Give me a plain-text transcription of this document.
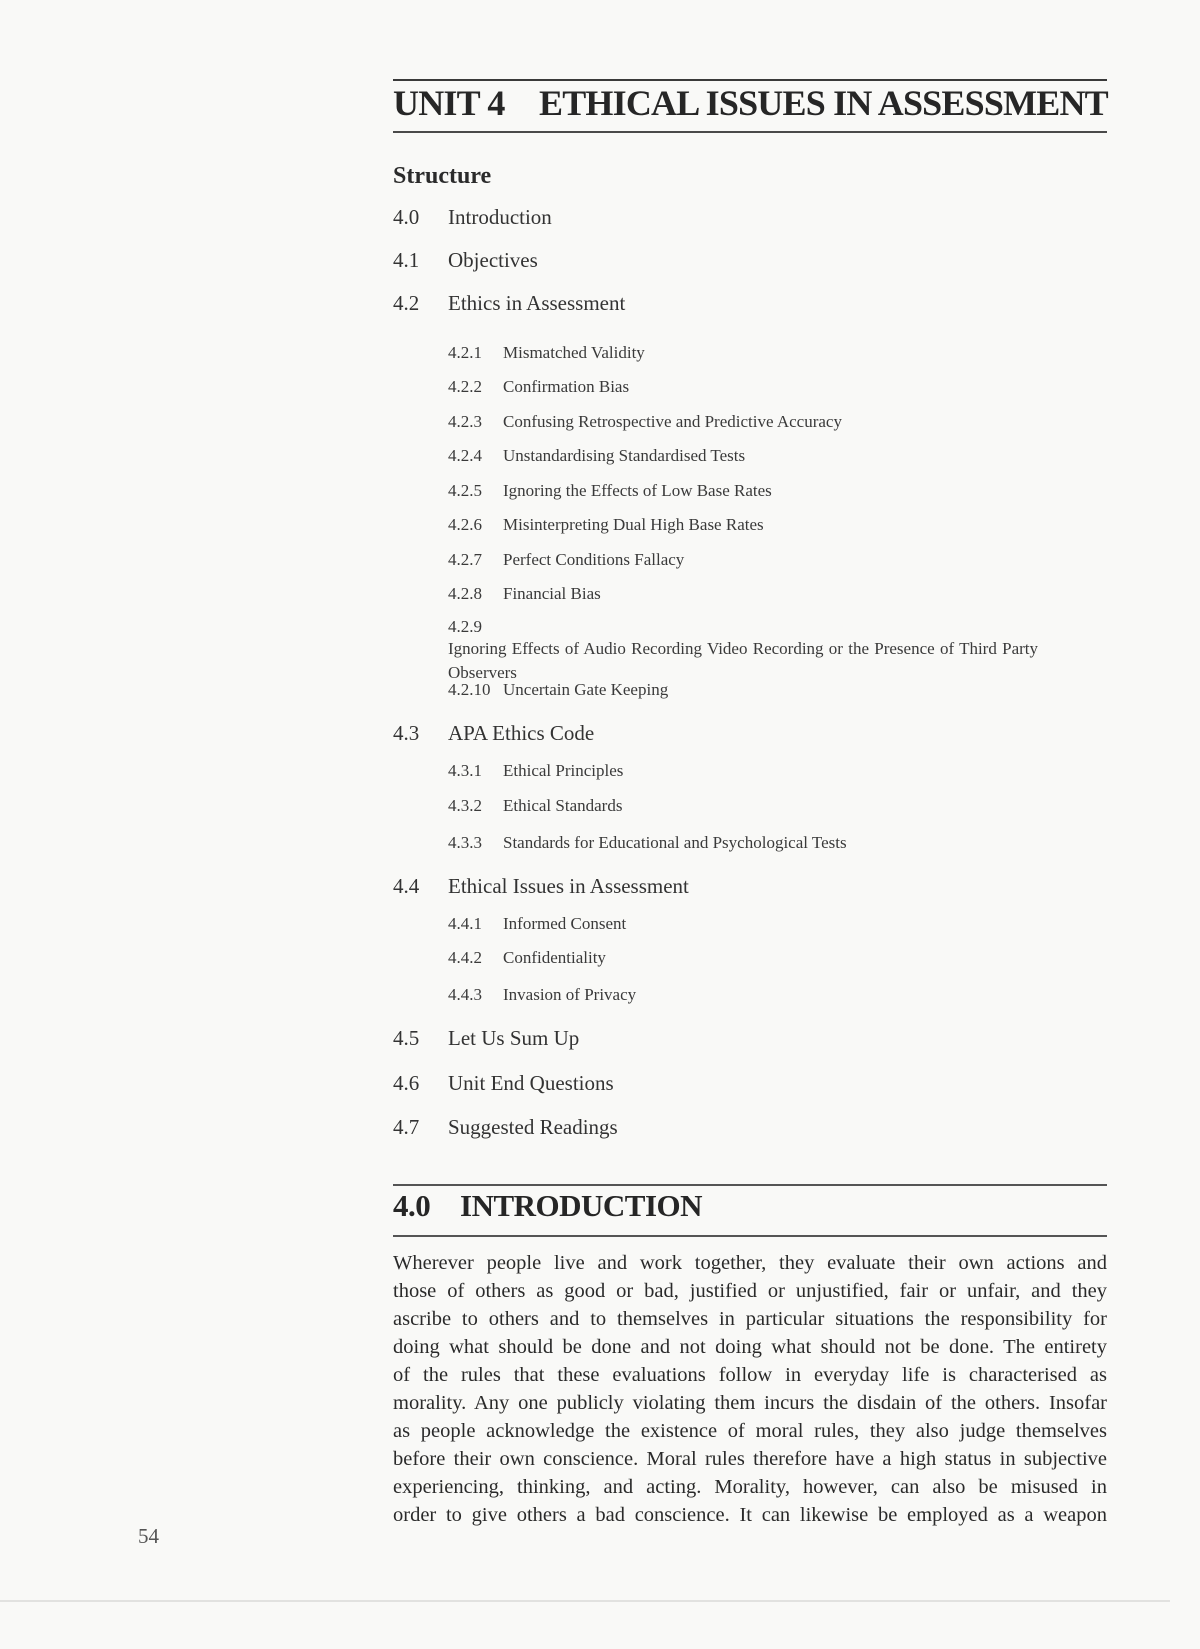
UNIT 4 ETHICAL ISSUES IN ASSESSMENT
Structure
4.0 Introduction
4.1 Objectives
4.2 Ethics in Assessment
4.2.1 Mismatched Validity
4.2.2 Confirmation Bias
4.2.3 Confusing Retrospective and Predictive Accuracy
4.2.4 Unstandardising Standardised Tests
4.2.5 Ignoring the Effects of Low Base Rates
4.2.6 Misinterpreting Dual High Base Rates
4.2.7 Perfect Conditions Fallacy
4.2.8 Financial Bias
4.2.9Ignoring Effects of Audio Recording Video Recording or the Presence of Third Party Observers
4.2.10 Uncertain Gate Keeping
4.3 APA Ethics Code
4.3.1 Ethical Principles
4.3.2 Ethical Standards
4.3.3 Standards for Educational and Psychological Tests
4.4 Ethical Issues in Assessment
4.4.1 Informed Consent
4.4.2 Confidentiality
4.4.3 Invasion of Privacy
4.5 Let Us Sum Up
4.6 Unit End Questions
4.7 Suggested Readings
4.0 INTRODUCTION
Wherever people live and work together, they evaluate their own actions and
those of others as good or bad, justified or unjustified, fair or unfair, and they
ascribe to others and to themselves in particular situations the responsibility for
doing what should be done and not doing what should not be done. The entirety
of the rules that these evaluations follow in everyday life is characterised as
morality. Any one publicly violating them incurs the disdain of the others. Insofar
as people acknowledge the existence of moral rules, they also judge themselves
before their own conscience. Moral rules therefore have a high status in subjective
experiencing, thinking, and acting. Morality, however, can also be misused in
order to give others a bad conscience. It can likewise be employed as a weapon
54
